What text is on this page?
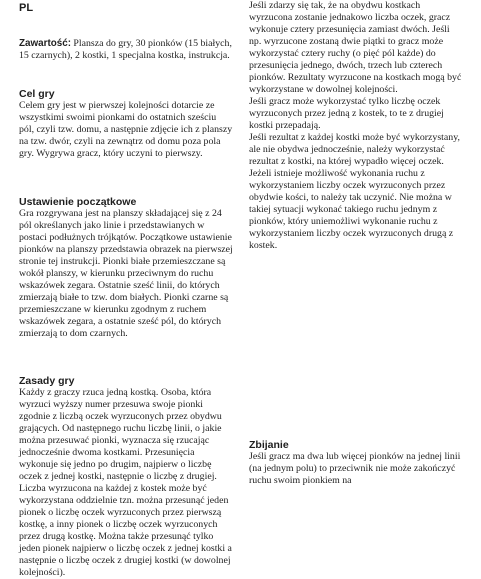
PL

Zawartość: Plansza do gry, 30 pionków (15 białych, 15 czarnych), 2 kostki, 1 specjalna kostka, instrukcja.

Cel gry

Celem gry jest w pierwszej kolejności dotarcie ze wszystkimi swoimi pionkami do ostatnich sześciu pól, czyli tzw. domu, a następnie zdjęcie ich z planszy na tzw. dwór, czyli na zewnątrz od domu poza pola gry. Wygrywa gracz, który uczyni to pierwszy.

Ustawienie początkowe

Gra rozgrywana jest na planszy składającej się z 24 pól określanych jako linie i przedstawianych w postaci podłużnych trójkątów. Początkowe ustawienie pionków na planszy przedstawia obrazek na pierwszej stronie tej instrukcji. Pionki białe przemieszczane są wokół planszy, w kierunku przeciwnym do ruchu wskazówek zegara. Ostatnie sześć linii, do których zmierzają białe to tzw. dom białych. Pionki czarne są przemieszczane w kierunku zgodnym z ruchem wskazówek zegara, a ostatnie sześć pól, do których zmierzają to dom czarnych.

Zasady gry

Każdy z graczy rzuca jedną kostką. Osoba, która wyrzuci wyższy numer przesuwa swoje pionki zgodnie z liczbą oczek wyrzuconych przez obydwu grających. Od następnego ruchu liczbę linii, o jakie można przesuwać pionki, wyznacza się rzucając jednocześnie dwoma kostkami. Przesunięcia wykonuje się jedno po drugim, najpierw o liczbę oczek z jednej kostki, następnie o liczbę z drugiej. Liczba wyrzucona na każdej z kostek może być wykorzystana oddzielnie tzn. można przesunąć jeden pionek o liczbę oczek wyrzuconych przez pierwszą kostkę, a inny pionek o liczbę oczek wyrzuconych przez drugą kostkę. Można także przesunąć tylko jeden pionek najpierw o liczbę oczek z jednej kostki a następnie o liczbę oczek z drugiej kostki (w dowolnej kolejności).

Jeśli zdarzy się tak, że na obydwu kostkach wyrzucona zostanie jednakowo liczba oczek, gracz wykonuje cztery przesunięcia zamiast dwóch. Jeśli np. wyrzucone zostaną dwie piątki to gracz może wykorzystać cztery ruchy (o pięć pól każde) do przesunięcia jednego, dwóch, trzech lub czterech pionków. Rezultaty wyrzucone na kostkach mogą być wykorzystane w dowolnej kolejności.

Jeśli gracz może wykorzystać tylko liczbę oczek wyrzuconych przez jedną z kostek, to te z drugiej kostki przepadają.

Jeśli rezultat z każdej kostki może być wykorzystany, ale nie obydwa jednocześnie, należy wykorzystać rezultat z kostki, na której wypadło więcej oczek.

Jeżeli istnieje możliwość wykonania ruchu z wykorzystaniem liczby oczek wyrzuconych przez obydwie kości, to należy tak uczynić. Nie można w takiej sytuacji wykonać takiego ruchu jednym z pionków, który uniemożliwi wykonanie ruchu z wykorzystaniem liczby oczek wyrzuconych drugą z kostek.

Zbijanie

Jeśli gracz ma dwa lub więcej pionków na jednej linii (na jednym polu) to przeciwnik nie może zakończyć ruchu swoim pionkiem na
